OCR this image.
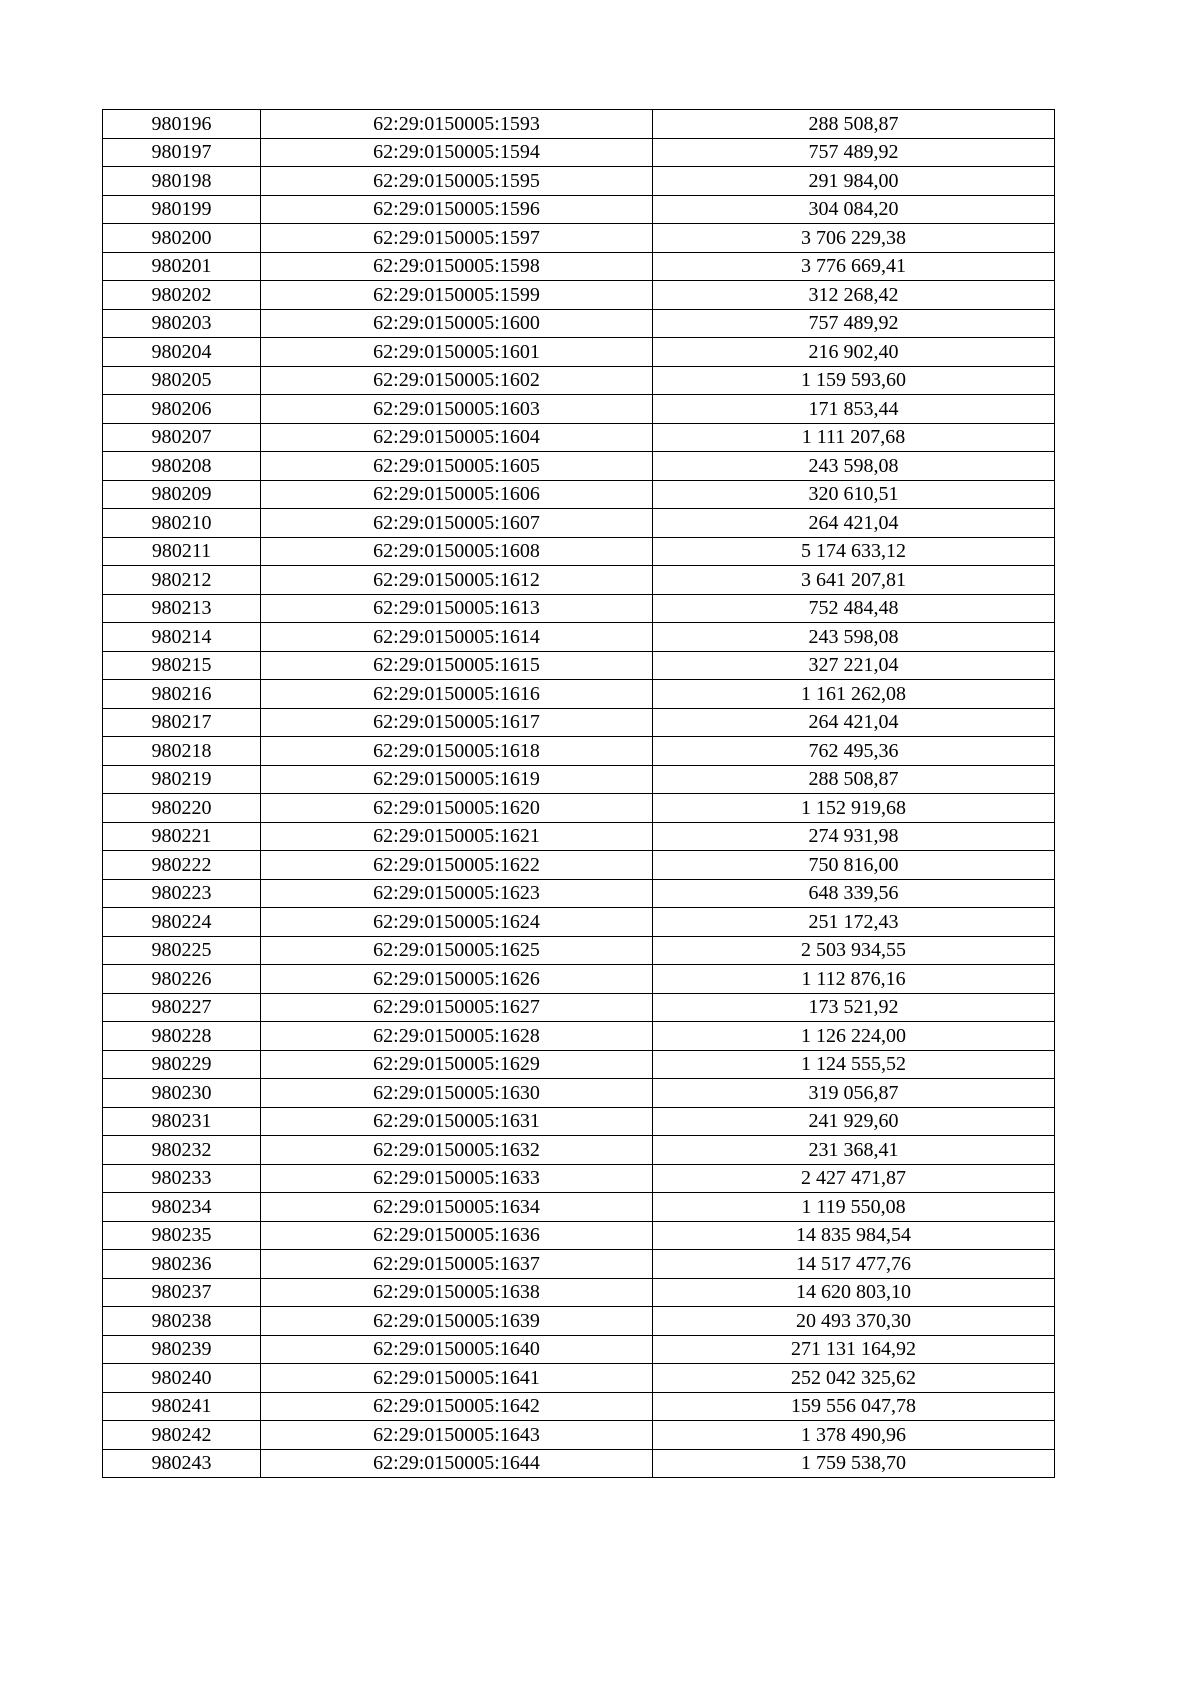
980196	62:29:0150005:1593	288 508,87
980197	62:29:0150005:1594	757 489,92
980198	62:29:0150005:1595	291 984,00
980199	62:29:0150005:1596	304 084,20
980200	62:29:0150005:1597	3 706 229,38
980201	62:29:0150005:1598	3 776 669,41
980202	62:29:0150005:1599	312 268,42
980203	62:29:0150005:1600	757 489,92
980204	62:29:0150005:1601	216 902,40
980205	62:29:0150005:1602	1 159 593,60
980206	62:29:0150005:1603	171 853,44
980207	62:29:0150005:1604	1 111 207,68
980208	62:29:0150005:1605	243 598,08
980209	62:29:0150005:1606	320 610,51
980210	62:29:0150005:1607	264 421,04
980211	62:29:0150005:1608	5 174 633,12
980212	62:29:0150005:1612	3 641 207,81
980213	62:29:0150005:1613	752 484,48
980214	62:29:0150005:1614	243 598,08
980215	62:29:0150005:1615	327 221,04
980216	62:29:0150005:1616	1 161 262,08
980217	62:29:0150005:1617	264 421,04
980218	62:29:0150005:1618	762 495,36
980219	62:29:0150005:1619	288 508,87
980220	62:29:0150005:1620	1 152 919,68
980221	62:29:0150005:1621	274 931,98
980222	62:29:0150005:1622	750 816,00
980223	62:29:0150005:1623	648 339,56
980224	62:29:0150005:1624	251 172,43
980225	62:29:0150005:1625	2 503 934,55
980226	62:29:0150005:1626	1 112 876,16
980227	62:29:0150005:1627	173 521,92
980228	62:29:0150005:1628	1 126 224,00
980229	62:29:0150005:1629	1 124 555,52
980230	62:29:0150005:1630	319 056,87
980231	62:29:0150005:1631	241 929,60
980232	62:29:0150005:1632	231 368,41
980233	62:29:0150005:1633	2 427 471,87
980234	62:29:0150005:1634	1 119 550,08
980235	62:29:0150005:1636	14 835 984,54
980236	62:29:0150005:1637	14 517 477,76
980237	62:29:0150005:1638	14 620 803,10
980238	62:29:0150005:1639	20 493 370,30
980239	62:29:0150005:1640	271 131 164,92
980240	62:29:0150005:1641	252 042 325,62
980241	62:29:0150005:1642	159 556 047,78
980242	62:29:0150005:1643	1 378 490,96
980243	62:29:0150005:1644	1 759 538,70
